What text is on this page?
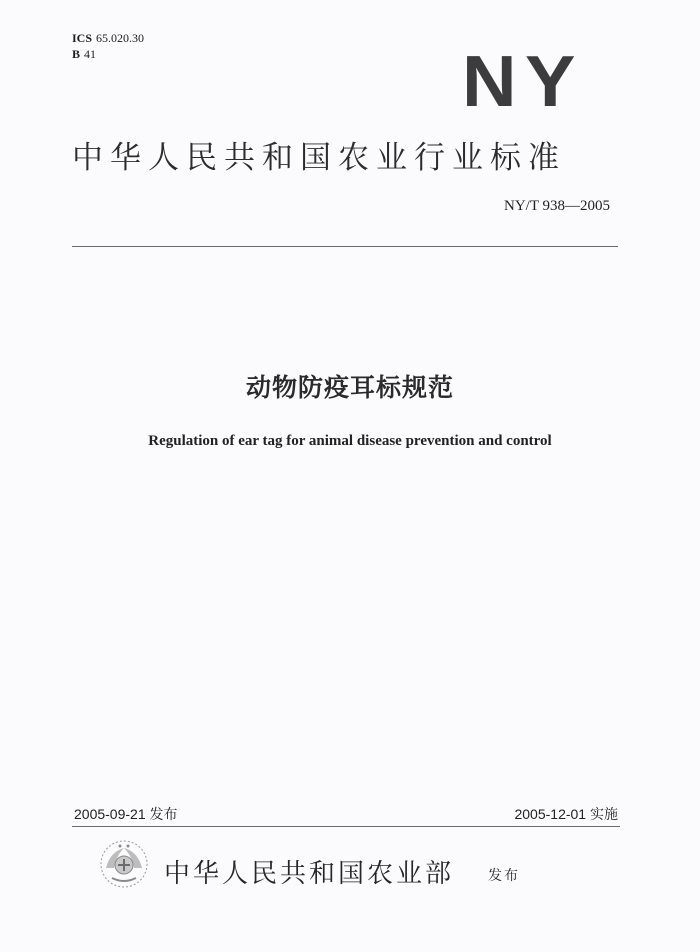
ICS 65.020.30
B 41	NY
中华人民共和国农业行业标准
NY/T 938—2005
动物防疫耳标规范
Regulation of ear tag for animal disease prevention and control
2005-09-21 发布	2005-12-01 实施
中华人民共和国农业部 发布
